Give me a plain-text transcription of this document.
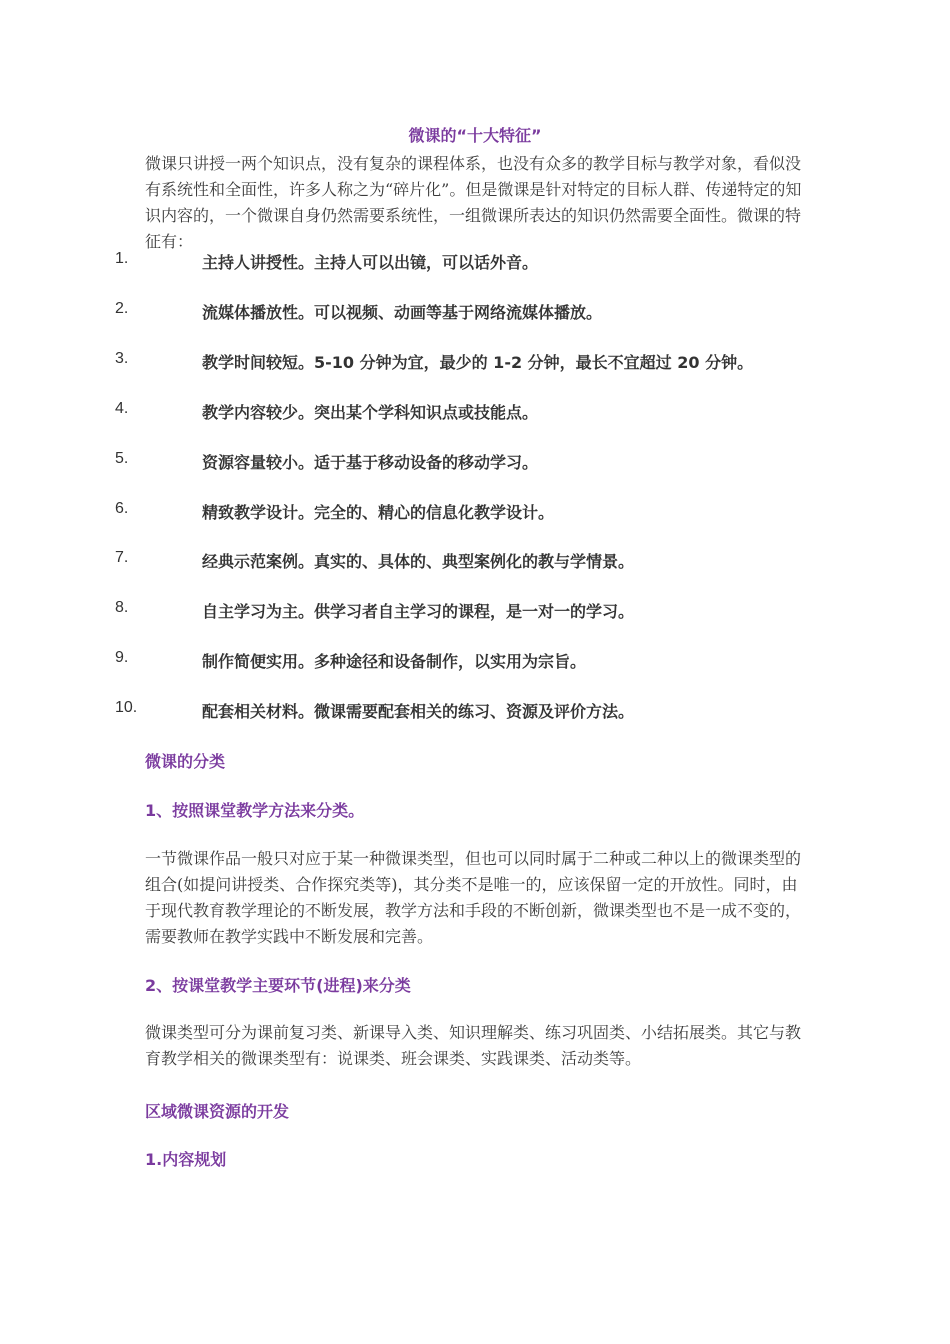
微课的“十大特征”
微课只讲授一两个知识点，没有复杂的课程体系，也没有众多的教学目标与教学对象，看似没有系统性和全面性，许多人称之为“碎片化”。但是微课是针对特定的目标人群、传递特定的知识内容的，一个微课自身仍然需要系统性，一组微课所表达的知识仍然需要全面性。微课的特征有：
1.	主持人讲授性。主持人可以出镜，可以话外音。
2.	流媒体播放性。可以视频、动画等基于网络流媒体播放。
3.	教学时间较短。5-10 分钟为宜，最少的 1-2 分钟，最长不宜超过 20 分钟。
4.	教学内容较少。突出某个学科知识点或技能点。
5.	资源容量较小。适于基于移动设备的移动学习。
6.	精致教学设计。完全的、精心的信息化教学设计。
7.	经典示范案例。真实的、具体的、典型案例化的教与学情景。
8.	自主学习为主。供学习者自主学习的课程，是一对一的学习。
9.	制作简便实用。多种途径和设备制作，以实用为宗旨。
10.	配套相关材料。微课需要配套相关的练习、资源及评价方法。
微课的分类
1、按照课堂教学方法来分类。
一节微课作品一般只对应于某一种微课类型，但也可以同时属于二种或二种以上的微课类型的组合(如提问讲授类、合作探究类等)，其分类不是唯一的，应该保留一定的开放性。同时，由于现代教育教学理论的不断发展，教学方法和手段的不断创新，微课类型也不是一成不变的，需要教师在教学实践中不断发展和完善。
2、按课堂教学主要环节(进程)来分类
微课类型可分为课前复习类、新课导入类、知识理解类、练习巩固类、小结拓展类。其它与教育教学相关的微课类型有：说课类、班会课类、实践课类、活动类等。
区域微课资源的开发
1.内容规划
